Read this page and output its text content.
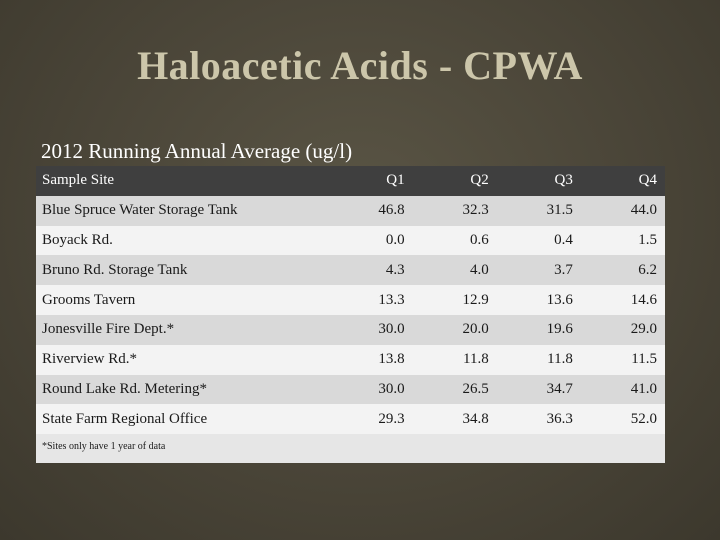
Haloacetic Acids - CPWA
2012 Running Annual Average (ug/l)
Sample Site	Q1	Q2	Q3	Q4
Blue Spruce Water Storage Tank	46.8	32.3	31.5	44.0
Boyack Rd.	0.0	0.6	0.4	1.5
Bruno Rd. Storage Tank	4.3	4.0	3.7	6.2
Grooms Tavern	13.3	12.9	13.6	14.6
Jonesville Fire Dept.*	30.0	20.0	19.6	29.0
Riverview Rd.*	13.8	11.8	11.8	11.5
Round Lake Rd. Metering*	30.0	26.5	34.7	41.0
State Farm Regional Office	29.3	34.8	36.3	52.0
*Sites only have 1 year of data				
